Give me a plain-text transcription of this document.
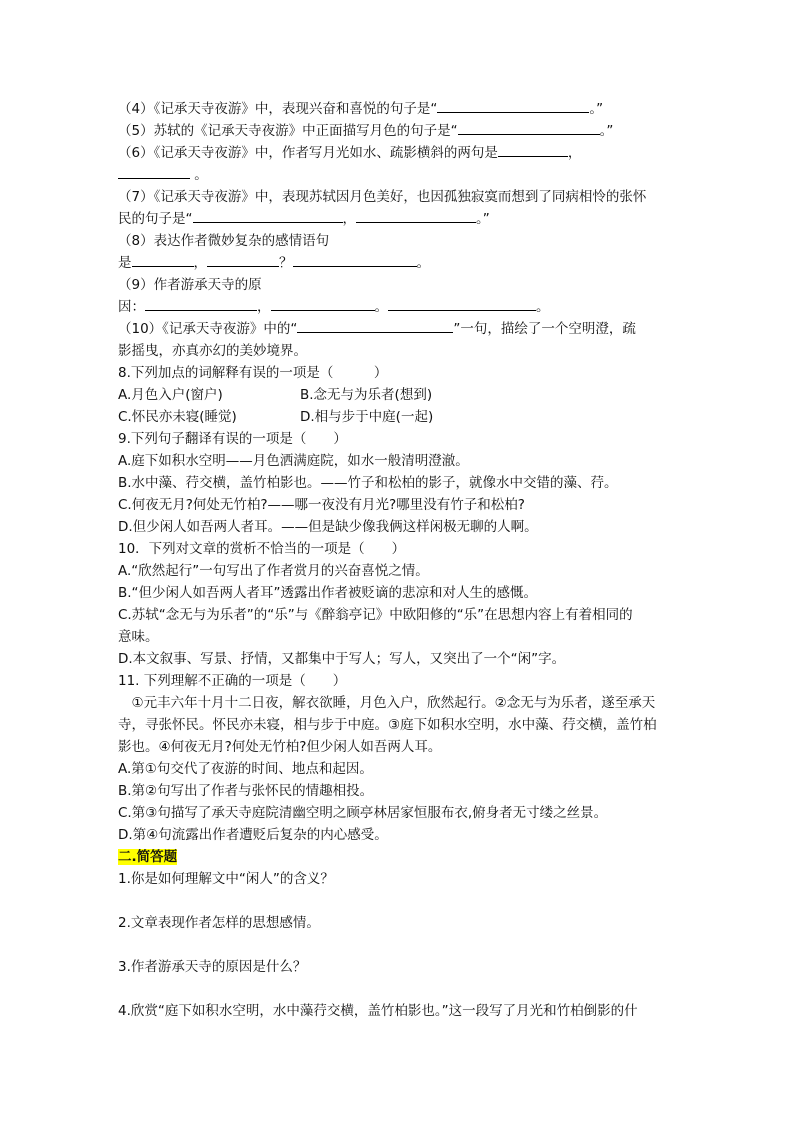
（4）《记承天寺夜游》中，表现兴奋和喜悦的句子是“	。”
（5）苏轼的《记承天寺夜游》中正面描写月色的句子是“	。”
（6）《记承天寺夜游》中，作者写月光如水、疏影横斜的两句是	，
。
（7）《记承天寺夜游》中，表现苏轼因月色美好，也因孤独寂寞而想到了同病相怜的张怀
民的句子是“	，	。”
（8）表达作者微妙复杂的感情语句
是	，	？	。
（9）作者游承天寺的原
因：	，	。	。
（10）《记承天寺夜游》中的“	”一句，描绘了一个空明澄，疏
影摇曳，亦真亦幻的美妙境界。
8.下列加点的词解释有误的一项是（　　　）
A.月色入户(窗户)	B.念无与为乐者(想到)
C.怀民亦未寝(睡觉)	D.相与步于中庭(一起)
9.下列句子翻译有误的一项是（　　）
A.庭下如积水空明——月色洒满庭院，如水一般清明澄澈。
B.水中藻、荇交横，盖竹柏影也。——竹子和松柏的影子，就像水中交错的藻、荇。
C.何夜无月?何处无竹柏?——哪一夜没有月光?哪里没有竹子和松柏?
D.但少闲人如吾两人者耳。——但是缺少像我俩这样闲极无聊的人啊。
10．下列对文章的赏析不恰当的一项是（　　）
A.“欣然起行”一句写出了作者赏月的兴奋喜悦之情。
B.“但少闲人如吾两人者耳”透露出作者被贬谪的悲凉和对人生的感慨。
C.苏轼“念无与为乐者”的“乐”与《醉翁亭记》中欧阳修的“乐”在思想内容上有着相同的
意味。
D.本文叙事、写景、抒情，又都集中于写人；写人，又突出了一个“闲”字。
11. 下列理解不正确的一项是（　　）
　①元丰六年十月十二日夜，解衣欲睡，月色入户，欣然起行。②念无与为乐者，遂至承天
寺，寻张怀民。怀民亦未寝，相与步于中庭。③庭下如积水空明，水中藻、荇交横，盖竹柏
影也。④何夜无月?何处无竹柏?但少闲人如吾两人耳。
A.第①句交代了夜游的时间、地点和起因。
B.第②句写出了作者与张怀民的情趣相投。
C.第③句描写了承天寺庭院清幽空明之顾亭林居家恒服布衣,俯身者无寸缕之丝景。
D.第④句流露出作者遭贬后复杂的内心感受。
二.简答题
1.你是如何理解文中“闲人”的含义？
2.文章表现作者怎样的思想感情。
3.作者游承天寺的原因是什么？
4.欣赏“庭下如积水空明，水中藻荇交横，盖竹柏影也。”这一段写了月光和竹柏倒影的什
